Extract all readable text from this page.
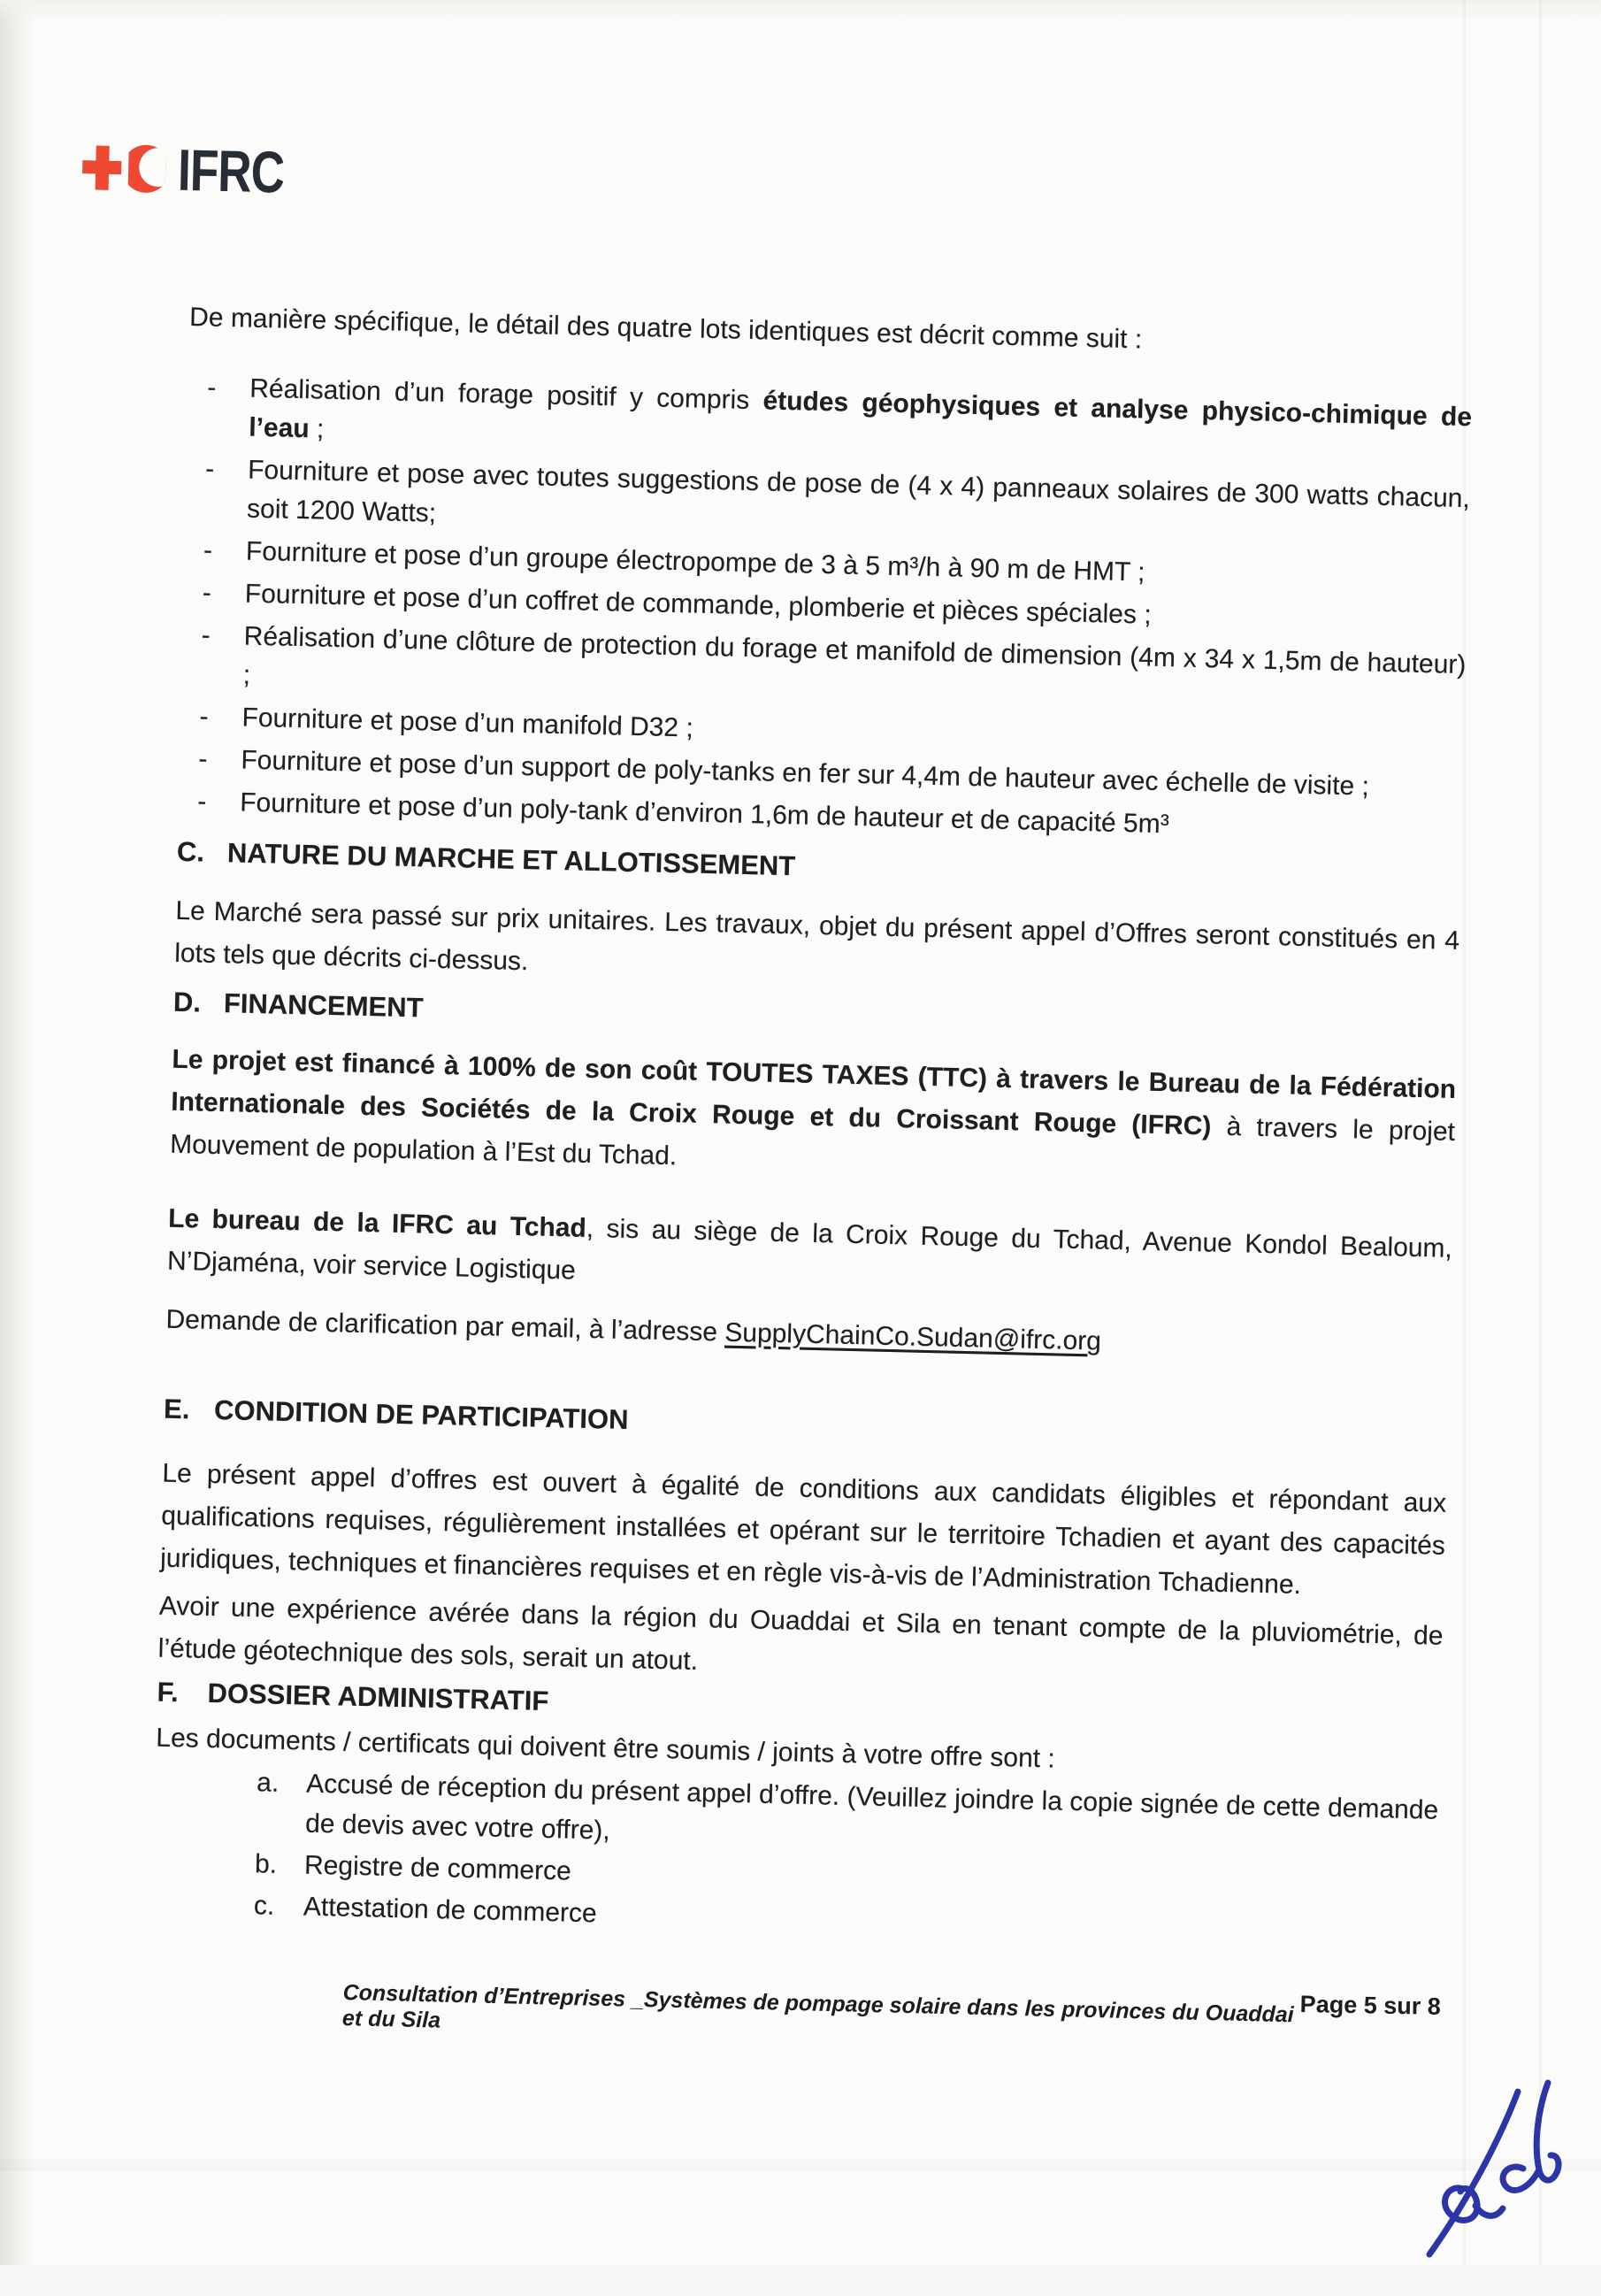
IFRC

De manière spécifique, le détail des quatre lots identiques est décrit comme suit :

- Réalisation d’un forage positif y compris études géophysiques et analyse physico-chimique de l’eau ;
- Fourniture et pose avec toutes suggestions de pose de (4 x 4) panneaux solaires de 300 watts chacun, soit 1200 Watts;
- Fourniture et pose d’un groupe électropompe de 3 à 5 m³/h à 90 m de HMT ;
- Fourniture et pose d’un coffret de commande, plomberie et pièces spéciales ;
- Réalisation d’une clôture de protection du forage et manifold de dimension (4m x 34 x 1,5m de hauteur) ;
- Fourniture et pose d’un manifold D32 ;
- Fourniture et pose d’un support de poly-tanks en fer sur 4,4m de hauteur avec échelle de visite ;
- Fourniture et pose d’un poly-tank d’environ 1,6m de hauteur et de capacité 5m³
C. NATURE DU MARCHE ET ALLOTISSEMENT

Le Marché sera passé sur prix unitaires. Les travaux, objet du présent appel d’Offres seront constitués en 4 lots tels que décrits ci-dessus.

D. FINANCEMENT

Le projet est financé à 100% de son coût TOUTES TAXES (TTC) à travers le Bureau de la Fédération Internationale des Sociétés de la Croix Rouge et du Croissant Rouge (IFRC) à travers le projet Mouvement de population à l’Est du Tchad.

Le bureau de la IFRC au Tchad, sis au siège de la Croix Rouge du Tchad, Avenue Kondol Bealoum, N’Djaména, voir service Logistique

Demande de clarification par email, à l’adresse SupplyChainCo.Sudan@ifrc.org

E. CONDITION DE PARTICIPATION

Le présent appel d’offres est ouvert à égalité de conditions aux candidats éligibles et répondant aux qualifications requises, régulièrement installées et opérant sur le territoire Tchadien et ayant des capacités juridiques, techniques et financières requises et en règle vis-à-vis de l’Administration Tchadienne.

Avoir une expérience avérée dans la région du Ouaddai et Sila en tenant compte de la pluviométrie, de l’étude géotechnique des sols, serait un atout.

F.	DOSSIER ADMINISTRATIF

Les documents / certificats qui doivent être soumis / joints à votre offre sont :

a. Accusé de réception du présent appel d’offre. (Veuillez joindre la copie signée de cette demande de devis avec votre offre),
b. Registre de commerce
c. Attestation de commerce
Consultation d’Entreprises _Systèmes de pompage solaire dans les provinces du Ouaddai et du Sila
Page 5 sur 8
